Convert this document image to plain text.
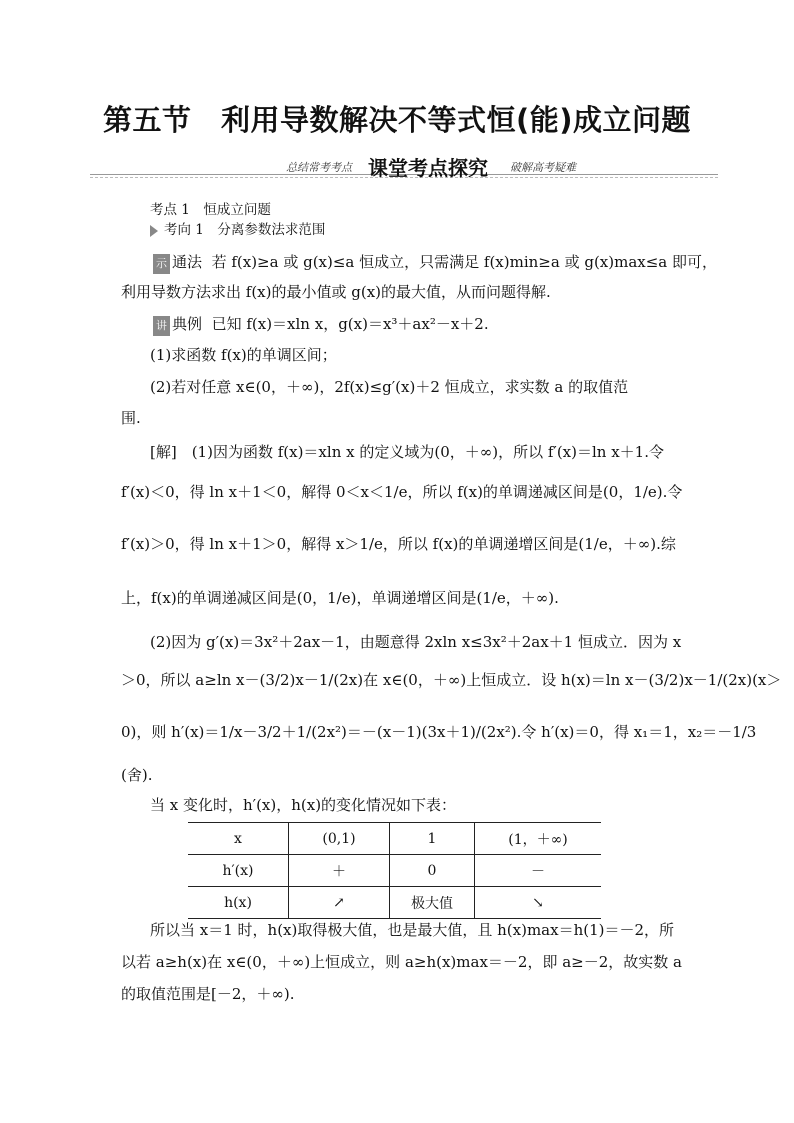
第五节　利用导数解决不等式恒(能)成立问题
总结常考考点 课堂考点探究 破解高考疑难
考点 1　恒成立问题
考向 1　分离参数法求范围
示 通法 若 f(x)≥a 或 g(x)≤a 恒成立，只需满足 f(x)min≥a 或 g(x)max≤a 即可，
利用导数方法求出 f(x)的最小值或 g(x)的最大值，从而问题得解.
讲 典例 已知 f(x)＝xln x，g(x)＝x³＋ax²－x＋2.
(1)求函数 f(x)的单调区间；
(2)若对任意 x∈(0，＋∞)，2f(x)≤g′(x)＋2 恒成立，求实数 a 的取值范
围.
[解]　(1)因为函数 f(x)＝xln x 的定义域为(0，＋∞)，所以 f′(x)＝ln x＋1.令
f′(x)＜0，得 ln x＋1＜0，解得 0＜x＜1/e，所以 f(x)的单调递减区间是(0，1/e).令
f′(x)＞0，得 ln x＋1＞0，解得 x＞1/e，所以 f(x)的单调递增区间是(1/e，＋∞).综
上，f(x)的单调递减区间是(0，1/e)，单调递增区间是(1/e，＋∞).
(2)因为 g′(x)＝3x²＋2ax－1，由题意得 2xln x≤3x²＋2ax＋1 恒成立．因为 x
＞0，所以 a≥ln x－(3/2)x－1/(2x)在 x∈(0，＋∞)上恒成立．设 h(x)＝ln x－(3/2)x－1/(2x)(x＞
0)，则 h′(x)＝1/x－3/2＋1/(2x²)＝－(x－1)(3x＋1)/(2x²).令 h′(x)＝0，得 x₁＝1，x₂＝－1/3
(舍).
当 x 变化时，h′(x)，h(x)的变化情况如下表：
x	(0,1)	1	(1，＋∞)
h′(x)	＋	0	－
h(x)	↗	极大值	↘
所以当 x＝1 时，h(x)取得极大值，也是最大值，且 h(x)max＝h(1)＝－2，所
以若 a≥h(x)在 x∈(0，＋∞)上恒成立，则 a≥h(x)max＝－2，即 a≥－2，故实数 a
的取值范围是[－2，＋∞).
